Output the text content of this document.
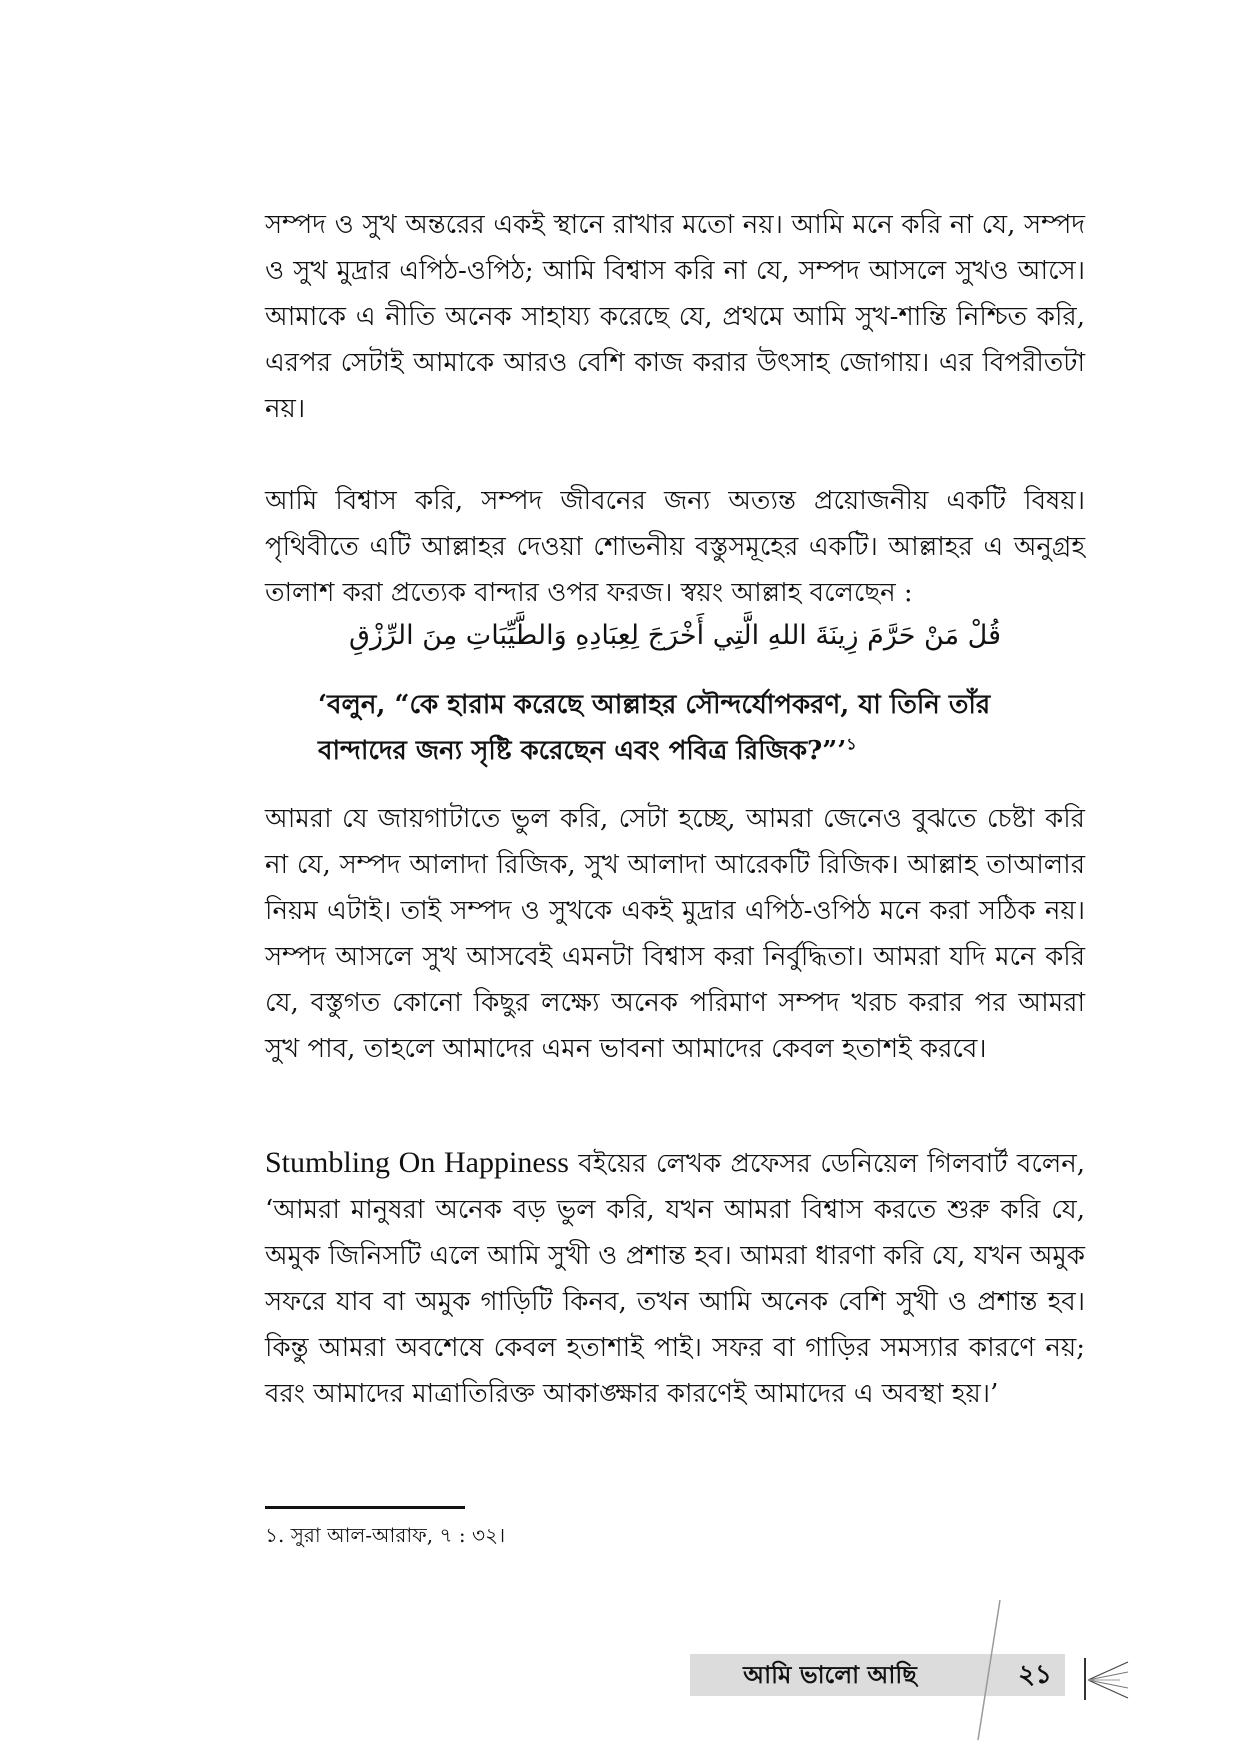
সম্পদ ও সুখ অন্তরের একই স্থানে রাখার মতো নয়। আমি মনে করি না যে, সম্পদ ও সুখ মুদ্রার এপিঠ-ওপিঠ; আমি বিশ্বাস করি না যে, সম্পদ আসলে সুখও আসে। আমাকে এ নীতি অনেক সাহায্য করেছে যে, প্রথমে আমি সুখ-শান্তি নিশ্চিত করি, এরপর সেটাই আমাকে আরও বেশি কাজ করার উৎসাহ জোগায়। এর বিপরীতটা নয়।

আমি বিশ্বাস করি, সম্পদ জীবনের জন্য অত্যন্ত প্রয়োজনীয় একটি বিষয়। পৃথিবীতে এটি আল্লাহর দেওয়া শোভনীয় বস্তুসমূহের একটি। আল্লাহর এ অনুগ্রহ তালাশ করা প্রত্যেক বান্দার ওপর ফরজ। স্বয়ং আল্লাহ বলেছেন :

قُلْ مَنْ حَرَّمَ زِينَةَ اللهِ الَّتِي أَخْرَجَ لِعِبَادِهِ وَالطَّيِّبَاتِ مِنَ الرِّزْقِ
‘বলুন, “কে হারাম করেছে আল্লাহর সৌন্দর্যোপকরণ, যা তিনি তাঁর বান্দাদের জন্য সৃষ্টি করেছেন এবং পবিত্র রিজিক?”’$^১$

আমরা যে জায়গাটাতে ভুল করি, সেটা হচ্ছে, আমরা জেনেও বুঝতে চেষ্টা করি না যে, সম্পদ আলাদা রিজিক, সুখ আলাদা আরেকটি রিজিক। আল্লাহ তাআলার নিয়ম এটাই। তাই সম্পদ ও সুখকে একই মুদ্রার এপিঠ-ওপিঠ মনে করা সঠিক নয়। সম্পদ আসলে সুখ আসবেই এমনটা বিশ্বাস করা নির্বুদ্ধিতা। আমরা যদি মনে করি যে, বস্তুগত কোনো কিছুর লক্ষ্যে অনেক পরিমাণ সম্পদ খরচ করার পর আমরা সুখ পাব, তাহলে আমাদের এমন ভাবনা আমাদের কেবল হতাশই করবে।

Stumbling On Happiness বইয়ের লেখক প্রফেসর ডেনিয়েল গিলবার্ট বলেন, ‘আমরা মানুষরা অনেক বড় ভুল করি, যখন আমরা বিশ্বাস করতে শুরু করি যে, অমুক জিনিসটি এলে আমি সুখী ও প্রশান্ত হব। আমরা ধারণা করি যে, যখন অমুক সফরে যাব বা অমুক গাড়িটি কিনব, তখন আমি অনেক বেশি সুখী ও প্রশান্ত হব। কিন্তু আমরা অবশেষে কেবল হতাশাই পাই। সফর বা গাড়ির সমস্যার কারণে নয়; বরং আমাদের মাত্রাতিরিক্ত আকাঙ্ক্ষার কারণেই আমাদের এ অবস্থা হয়।’

১. সুরা আল-আরাফ, ৭ : ৩২।
আমি ভালো আছি	২১
